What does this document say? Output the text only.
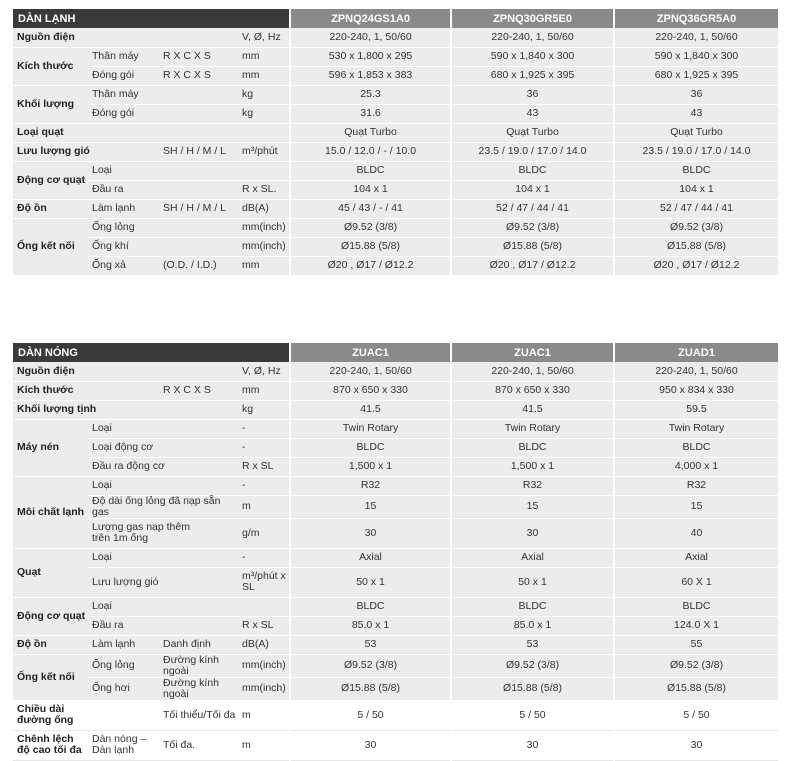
DÀN LẠNH				ZPNQ24GS1A0	ZPNQ30GR5E0	ZPNQ36GR5A0
Nguồn điện			V, Ø, Hz	220-240, 1, 50/60	220-240, 1, 50/60	220-240, 1, 50/60
Kích thước	Thân máy	R X C X S	mm	530 x 1,800 x 295	590 x 1,840 x 300	590 x 1,840 x 300
	Đóng gói	R X C X S	mm	596 x 1,853 x 383	680 x 1,925 x 395	680 x 1,925 x 395
Khối lượng	Thân máy		kg	25.3	36	36
	Đóng gói		kg	31.6	43	43
Loại quạt				Quạt Turbo	Quạt Turbo	Quạt Turbo
Lưu lượng gió		SH / H / M / L	m³/phút	15.0 / 12.0 / - / 10.0	23.5 / 19.0 / 17.0 / 14.0	23.5 / 19.0 / 17.0 / 14.0
Động cơ quạt	Loại			BLDC	BLDC	BLDC
	Đầu ra		R x SL.	104 x 1	104 x 1	104 x 1
Độ ồn	Làm lạnh	SH / H / M / L	dB(A)	45 / 43 / - / 41	52 / 47 / 44 / 41	52 / 47 / 44 / 41
Ống kết nối	Ống lỏng		mm(inch)	Ø9.52 (3/8)	Ø9.52 (3/8)	Ø9.52 (3/8)
	Ống khí		mm(inch)	Ø15.88 (5/8)	Ø15.88 (5/8)	Ø15.88 (5/8)
	Ống xả	(O.D. / I.D.)	mm	Ø20 , Ø17 / Ø12.2	Ø20 , Ø17 / Ø12.2	Ø20 , Ø17 / Ø12.2
DÀN NÓNG				ZUAC1	ZUAC1	ZUAD1
Nguồn điện			V, Ø, Hz	220-240, 1, 50/60	220-240, 1, 50/60	220-240, 1, 50/60
Kích thước		R X C X S	mm	870 x 650 x 330	870 x 650 x 330	950 x 834 x 330
Khối lượng tịnh			kg	41.5	41.5	59.5
Máy nén	Loại		-	Twin Rotary	Twin Rotary	Twin Rotary
	Loại động cơ		-	BLDC	BLDC	BLDC
	Đầu ra động cơ		R x SL	1,500 x 1	1,500 x 1	4,000 x 1
Môi chất lạnh	Loại		-	R32	R32	R32
	Độ dài ống lỏng đã nạp sẵn gas		m	15	15	15
	Lượng gas nạp thêm trên 1m ống		g/m	30	30	40
Quạt	Loại		-	Axial	Axial	Axial
	Lưu lượng gió		m³/phút x SL	50 x 1	50 x 1	60 X 1
Động cơ quạt	Loại			BLDC	BLDC	BLDC
	Đầu ra		R x SL	85.0 x 1	85.0 x 1	124.0 X 1
Độ ồn	Làm lạnh	Danh định	dB(A)	53	53	55
Ống kết nối	Ống lỏng	Đường kính ngoài	mm(inch)	Ø9.52 (3/8)	Ø9.52 (3/8)	Ø9.52 (3/8)
	Ống hơi	Đường kính ngoài	mm(inch)	Ø15.88 (5/8)	Ø15.88 (5/8)	Ø15.88 (5/8)
Chiều dài đường ống		Tối thiểu/Tối đa	m	5 / 50	5 / 50	5 / 50
Chênh lệch độ cao tối đa	Dàn nóng – Dàn lạnh	Tối đa.	m	30	30	30
